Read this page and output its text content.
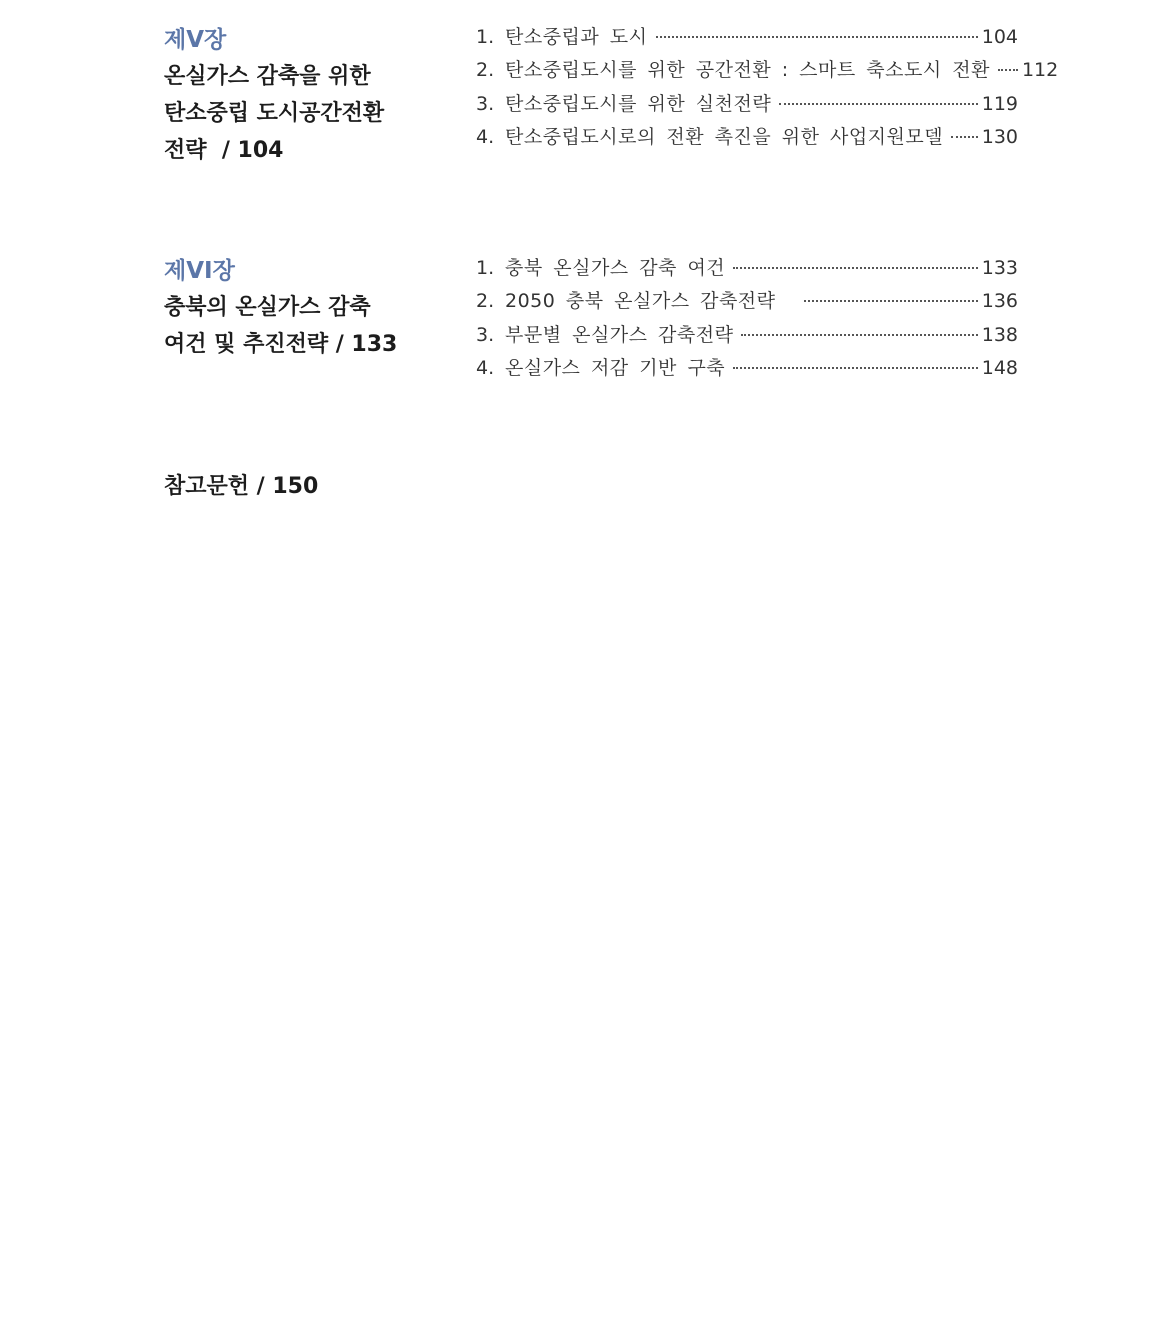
제V장
온실가스 감축을 위한
탄소중립 도시공간전환
전략  / 104
1. 탄소중립과 도시	104
2. 탄소중립도시를 위한 공간전환 : 스마트 축소도시 전환 112
3. 탄소중립도시를 위한 실천전략	119
4. 탄소중립도시로의 전환 촉진을 위한 사업지원모델 130
제VI장
충북의 온실가스 감축
여건 및 추진전략 / 133
1. 충북 온실가스 감축 여건	133
2. 2050 충북 온실가스 감축전략	136
3. 부문별 온실가스 감축전략	138
4. 온실가스 저감 기반 구축	148
참고문헌 / 150
